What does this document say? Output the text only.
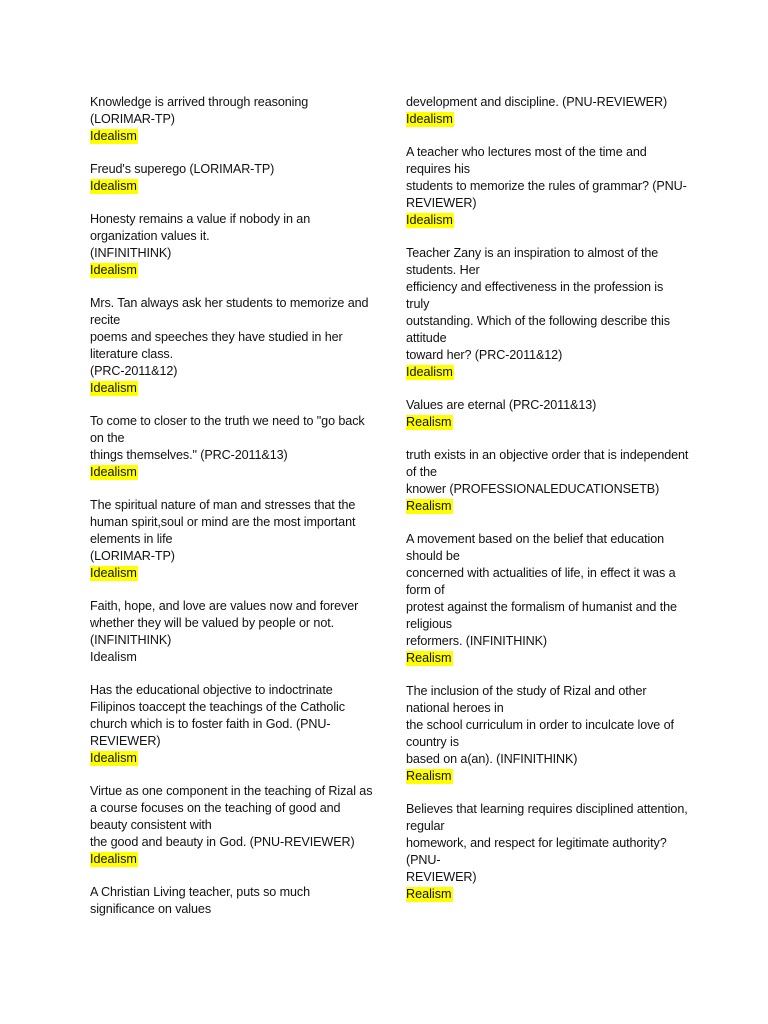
Knowledge is arrived through reasoning
(LORIMAR-TP)
Idealism
Freud's superego (LORIMAR-TP)
Idealism
Honesty remains a value if nobody in an
organization values it.
(INFINITHINK)
Idealism
Mrs. Tan always ask her students to memorize and
recite
poems and speeches they have studied in her
literature class.
(PRC-2011&12)
Idealism
To come to closer to the truth we need to "go back
on the
things themselves." (PRC-2011&13)
Idealism
The spiritual nature of man and stresses that the
human spirit,soul or mind are the most important
elements in life
(LORIMAR-TP)
Idealism
Faith, hope, and love are values now and forever
whether they will be valued by people or not.
(INFINITHINK)
Idealism
Has the educational objective to indoctrinate
Filipinos toaccept the teachings of the Catholic
church which is to foster faith in God. (PNU-
REVIEWER)
Idealism
Virtue as one component in the teaching of Rizal as
a course focuses on the teaching of good and
beauty consistent with
the good and beauty in God. (PNU-REVIEWER)
Idealism
A Christian Living teacher, puts so much
significance on values
development and discipline. (PNU-REVIEWER)
Idealism
A teacher who lectures most of the time and
requires his
students to memorize the rules of grammar? (PNU-
REVIEWER)
Idealism
Teacher Zany is an inspiration to almost of the
students. Her
efficiency and effectiveness in the profession is
truly
outstanding. Which of the following describe this
attitude
toward her? (PRC-2011&12)
Idealism
Values are eternal (PRC-2011&13)
Realism
truth exists in an objective order that is independent
of the
knower (PROFESSIONALEDUCATIONSETB)
Realism
A movement based on the belief that education
should be
concerned with actualities of life, in effect it was a
form of
protest against the formalism of humanist and the
religious
reformers. (INFINITHINK)
Realism
The inclusion of the study of Rizal and other
national heroes in
the school curriculum in order to inculcate love of
country is
based on a(an). (INFINITHINK)
Realism
Believes that learning requires disciplined attention,
regular
homework, and respect for legitimate authority?
(PNU-
REVIEWER)
Realism
